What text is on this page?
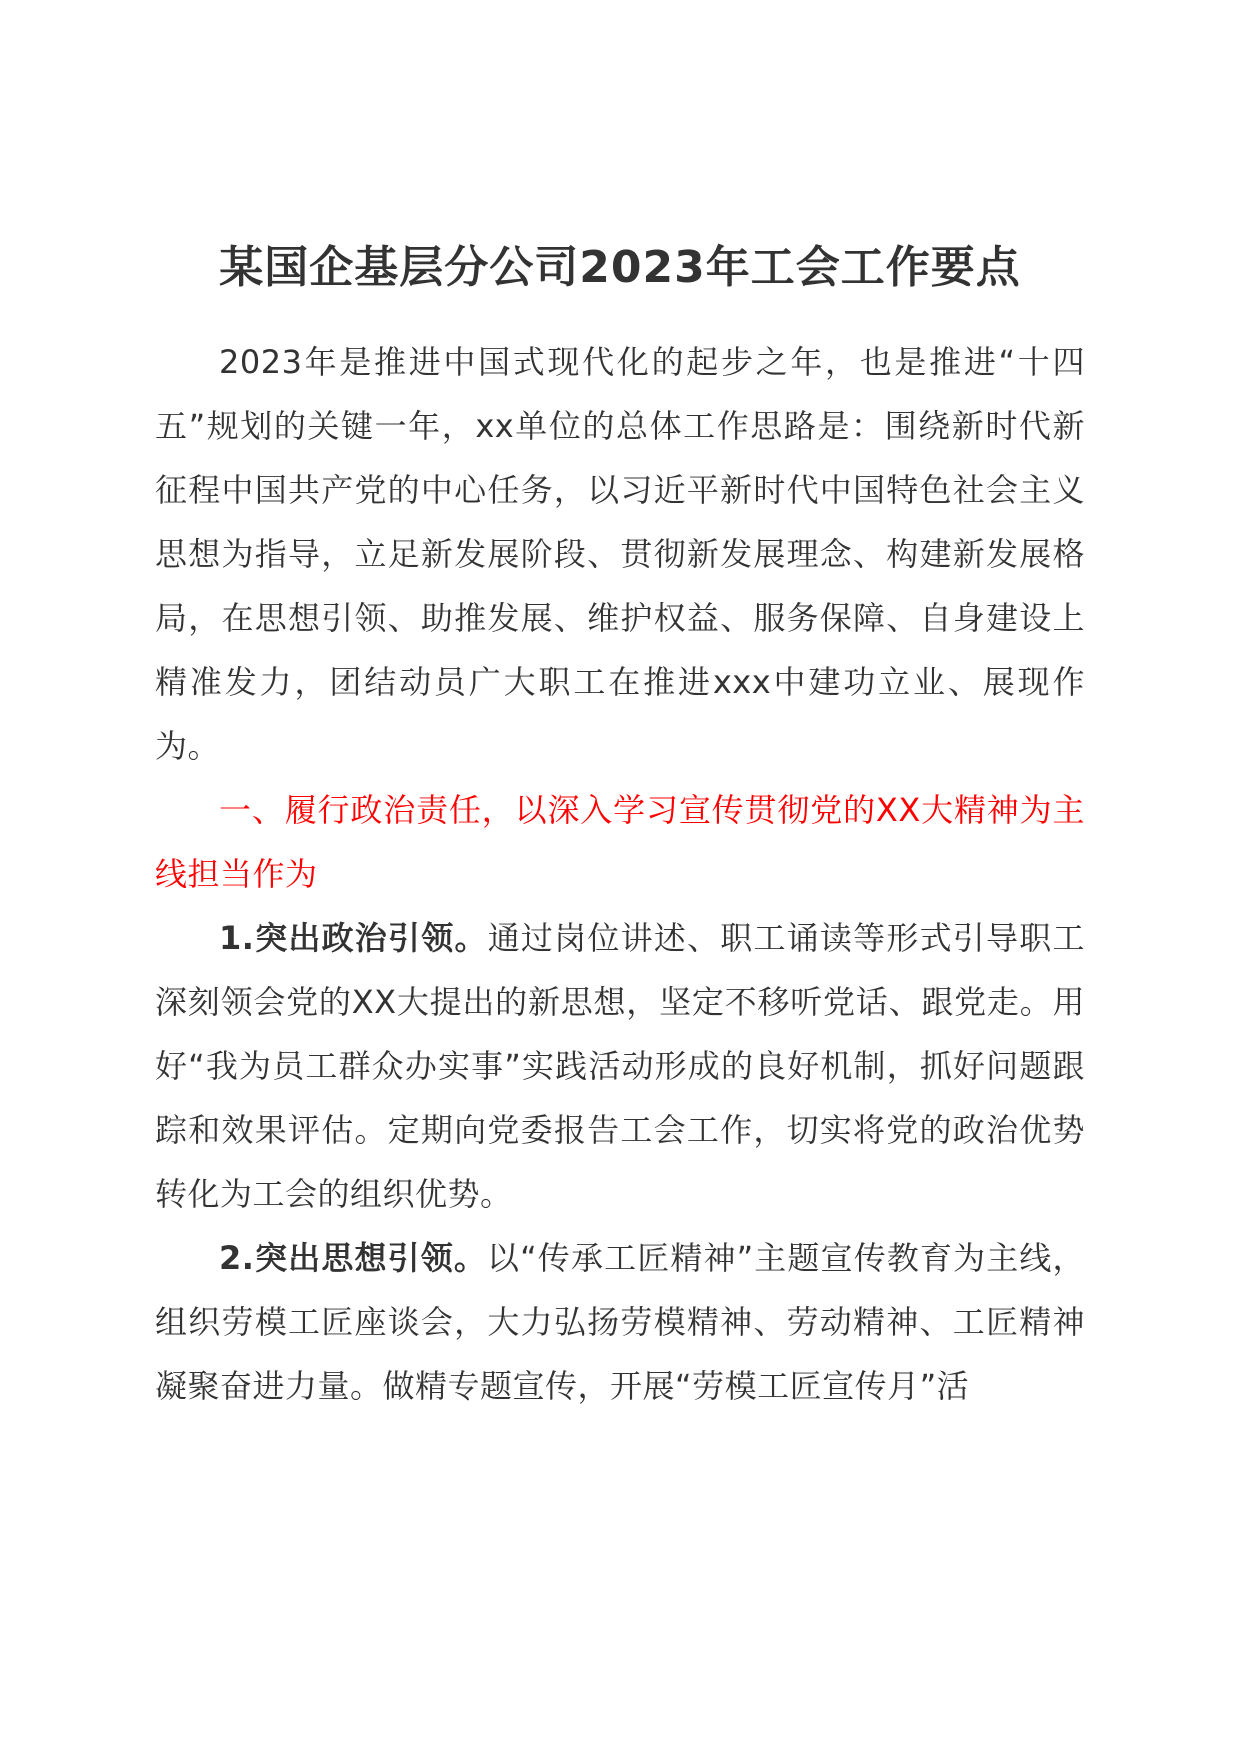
某国企基层分公司2023年工会工作要点

2023年是推进中国式现代化的起步之年，也是推进“十四五”规划的关键一年，xx单位的总体工作思路是：围绕新时代新征程中国共产党的中心任务，以习近平新时代中国特色社会主义思想为指导，立足新发展阶段、贯彻新发展理念、构建新发展格局，在思想引领、助推发展、维护权益、服务保障、自身建设上精准发力，团结动员广大职工在推进xxx中建功立业、展现作为。

一、履行政治责任，以深入学习宣传贯彻党的XX大精神为主线担当作为

1.突出政治引领。通过岗位讲述、职工诵读等形式引导职工深刻领会党的XX大提出的新思想，坚定不移听党话、跟党走。用好“我为员工群众办实事”实践活动形成的良好机制，抓好问题跟踪和效果评估。定期向党委报告工会工作，切实将党的政治优势转化为工会的组织优势。

2.突出思想引领。以“传承工匠精神”主题宣传教育为主线，组织劳模工匠座谈会，大力弘扬劳模精神、劳动精神、工匠精神凝聚奋进力量。做精专题宣传，开展“劳模工匠宣传月”活
